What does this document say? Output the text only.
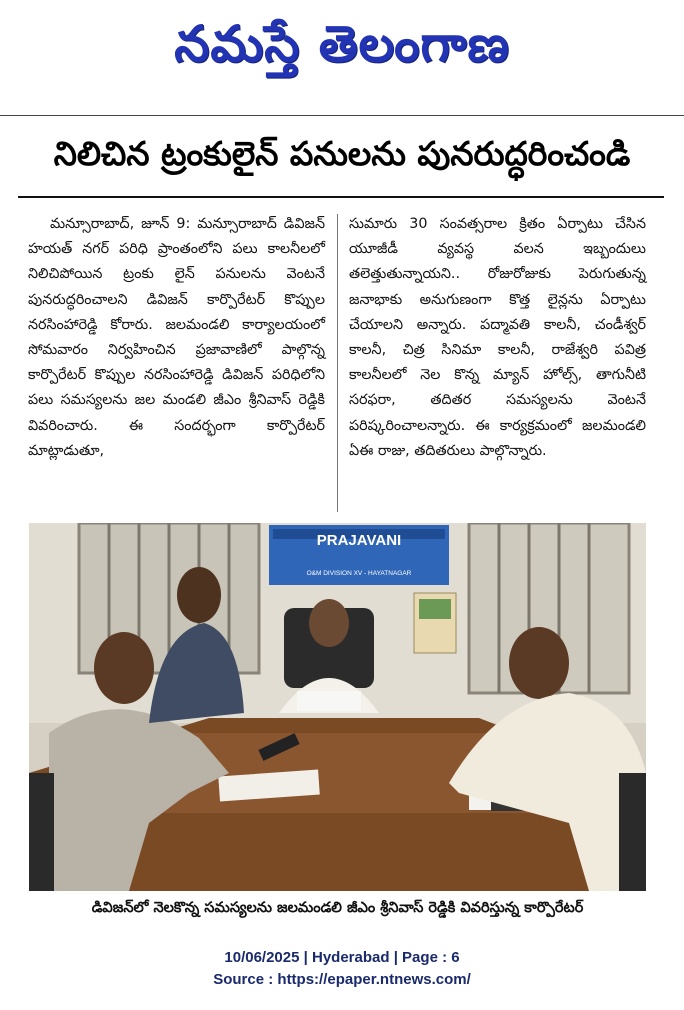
నమస్తే తెలంగాణ
నిలిచిన ట్రంకులైన్ పనులను పునరుద్ధరించండి

మన్సూరాబాద్, జూన్ 9: మన్సూరాబాద్ డివిజన్ హయత్ నగర్ పరిధి ప్రాంతంలోని పలు కాలనీలలో నిలిచిపోయిన ట్రంకు లైన్ పనులను వెంటనే పునరుద్ధరించాలని డివిజన్ కార్పొరేటర్ కొప్పుల నరసింహారెడ్డి కోరారు. జలమండలి కార్యాలయంలో సోమవారం నిర్వహించిన ప్రజావాణిలో పాల్గొన్న కార్పొరేటర్ కొప్పుల నరసింహారెడ్డి డివిజన్ పరిధిలోని పలు సమస్యలను జల మండలి జీఎం శ్రీనివాస్ రెడ్డికి వివరించారు. ఈ సందర్భంగా కార్పొరేటర్ మాట్లాడుతూ,

సుమారు 30 సంవత్సరాల క్రితం ఏర్పాటు చేసిన యూజీడీ వ్యవస్థ వలన ఇబ్బందులు తలెత్తుతున్నాయని.. రోజురోజుకు పెరుగుతున్న జనాభాకు అనుగుణంగా కొత్త లైన్లను ఏర్పాటు చేయాలని అన్నారు. పద్మావతి కాలనీ, చండీశ్వర్ కాలనీ, చిత్ర సినిమా కాలనీ, రాజేశ్వరి పవిత్ర కాలనీలలో నెల కొన్న మ్యాన్ హోల్స్, తాగునీటి సరఫరా, తదితర సమస్యలను వెంటనే పరిష్కరించాలన్నారు. ఈ కార్యక్రమంలో జలమండలి ఏఈ రాజు, తదితరులు పాల్గొన్నారు.

PRAJAVANI
O&M DIVISION XV - HAYATNAGAR
డివిజన్‌లో నెలకొన్న సమస్యలను జలమండలి జీఎం శ్రీనివాస్ రెడ్డికి వివరిస్తున్న కార్పొరేటర్
10/06/2025 | Hyderabad | Page : 6
Source : https://epaper.ntnews.com/
